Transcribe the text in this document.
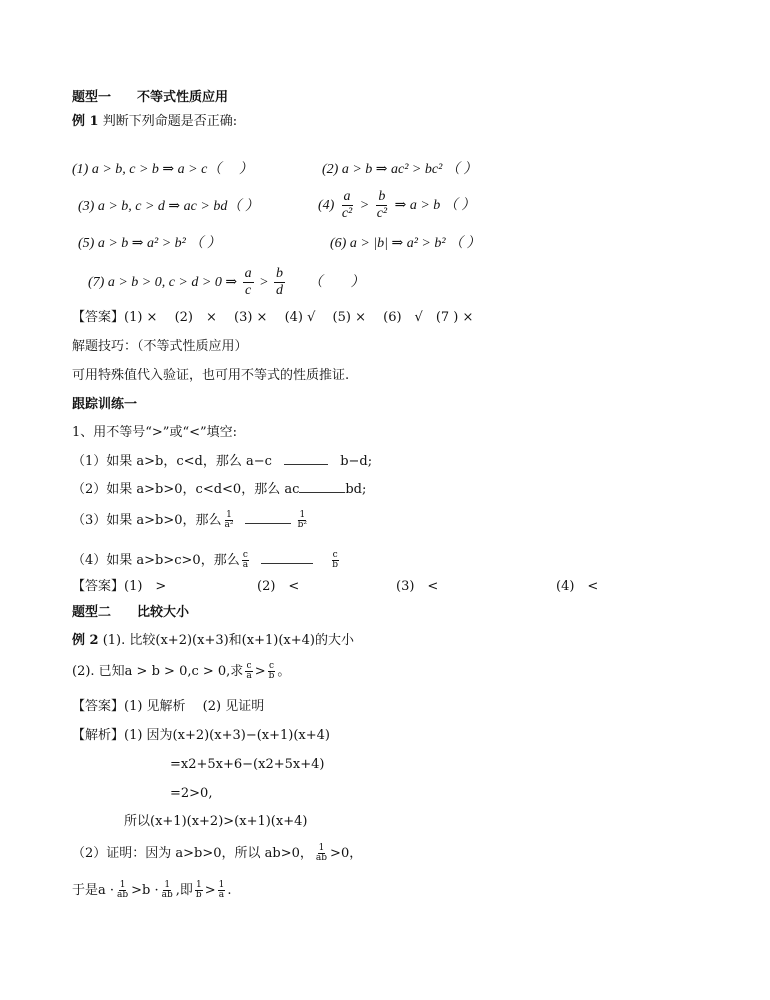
题型一　　不等式性质应用
例 1 判断下列命题是否正确:
(1) a > b, c > b ⇒ a > c（　 ）	(2) a > b ⇒ ac² > bc² （ ）
(3) a > b, c > d ⇒ ac > bd（ ）	$(4) \frac{a}{\text{c²}} > \frac{b}{\text{c²}}$ ⇒ a > b （ ）
(5) a > b ⇒ a² > b² （ ）	(6) a > |b| ⇒ a² > b² （ ）
(7) a > b > 0, c > d > 0 ⇒ $\frac{a}{c} > \frac{b}{d}$ （　　）
【答案】(1) ×　 (2)　×　 (3) ×　 (4) √　 (5) ×　 (6)　√　(7 ) ×
解题技巧：（不等式性质应用）
可用特殊值代入验证，也可用不等式的性质推证.
跟踪训练一
1、用不等号“>”或“<”填空:
（1）如果 a>b，c<d，那么 a−c	b−d;
（2）如果 a>b>0，c<d<0，那么 ac	bd;
（3）如果 a>b>0，那么 $\frac{1}{\text{a²}}$
	$\frac{1}{\text{b²}}$
（4）如果 a>b>c>0，那么 $\frac{c}{a}$
	$\frac{c}{b}$
【答案】(1)　>	(2)　<	(3)　<	(4)　<
题型二　　比较大小
例 2 (1). 比较(x+2)(x+3)和(x+1)(x+4)的大小
(2). 已知a > b > 0,c > 0,求 $\frac{c}{a} > \frac{c}{b}$ 。
【答案】(1) 见解析　 (2) 见证明
【解析】(1) 因为(x+2)(x+3)−(x+1)(x+4)
=x2+5x+6−(x2+5x+4)
=2>0,
所以(x+1)(x+2)>(x+1)(x+4)
（2）证明：因为 a>b>0，所以 ab>0， $\frac{1}{ab} >0$，
于是$a \cdot \frac{1}{ab} >b \cdot \frac{1}{ab}$ ,即 $\frac{1}{b} > \frac{1}{a}$ .
